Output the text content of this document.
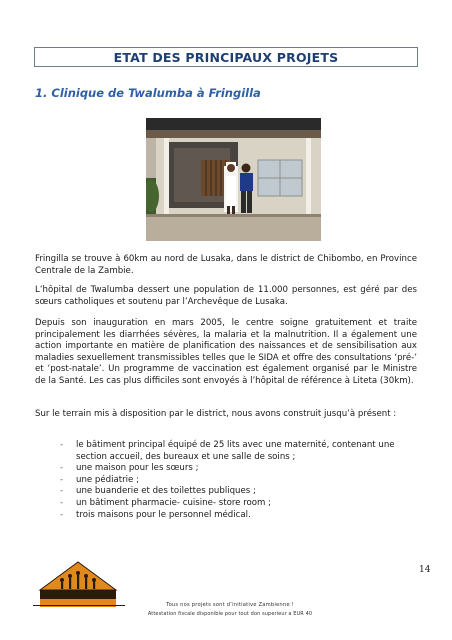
ETAT DES PRINCIPAUX PROJETS
1. Clinique de Twalumba à Fringilla

Fringilla se trouve à 60km au nord de Lusaka, dans le district de Chibombo, en Province Centrale de la Zambie.

L’hôpital de Twalumba dessert une population de 11.000 personnes, est géré par des sœurs catholiques et soutenu par l’Archevêque de Lusaka.

Depuis son inauguration en mars 2005, le centre soigne gratuitement et traite principalement les diarrhées sévères, la malaria et la malnutrition. Il a également une action importante en matière de planification des naissances et de sensibilisation aux maladies sexuellement transmissibles telles que le SIDA et offre des consultations ‘pré-’ et ‘post-natale’. Un programme de vaccination est également organisé par le Ministre de la Santé. Les cas plus difficiles sont envoyés à l’hôpital de référence à Liteta (30km).

Sur le terrain mis à disposition par le district, nous avons construit jusqu’à présent :

- le bâtiment principal équipé de 25 lits avec une maternité, contenant une section accueil, des bureaux et une salle de soins ;
- une maison pour les sœurs ;
- une pédiatrie ;
- une buanderie et des toilettes publiques ;
- un bâtiment pharmacie- cuisine- store room ;
- trois maisons pour le personnel médical.
14
Tous nos projets sont d’initiative Zambienne !
Attestation fiscale disponible pour tout don superieur a EUR 40
